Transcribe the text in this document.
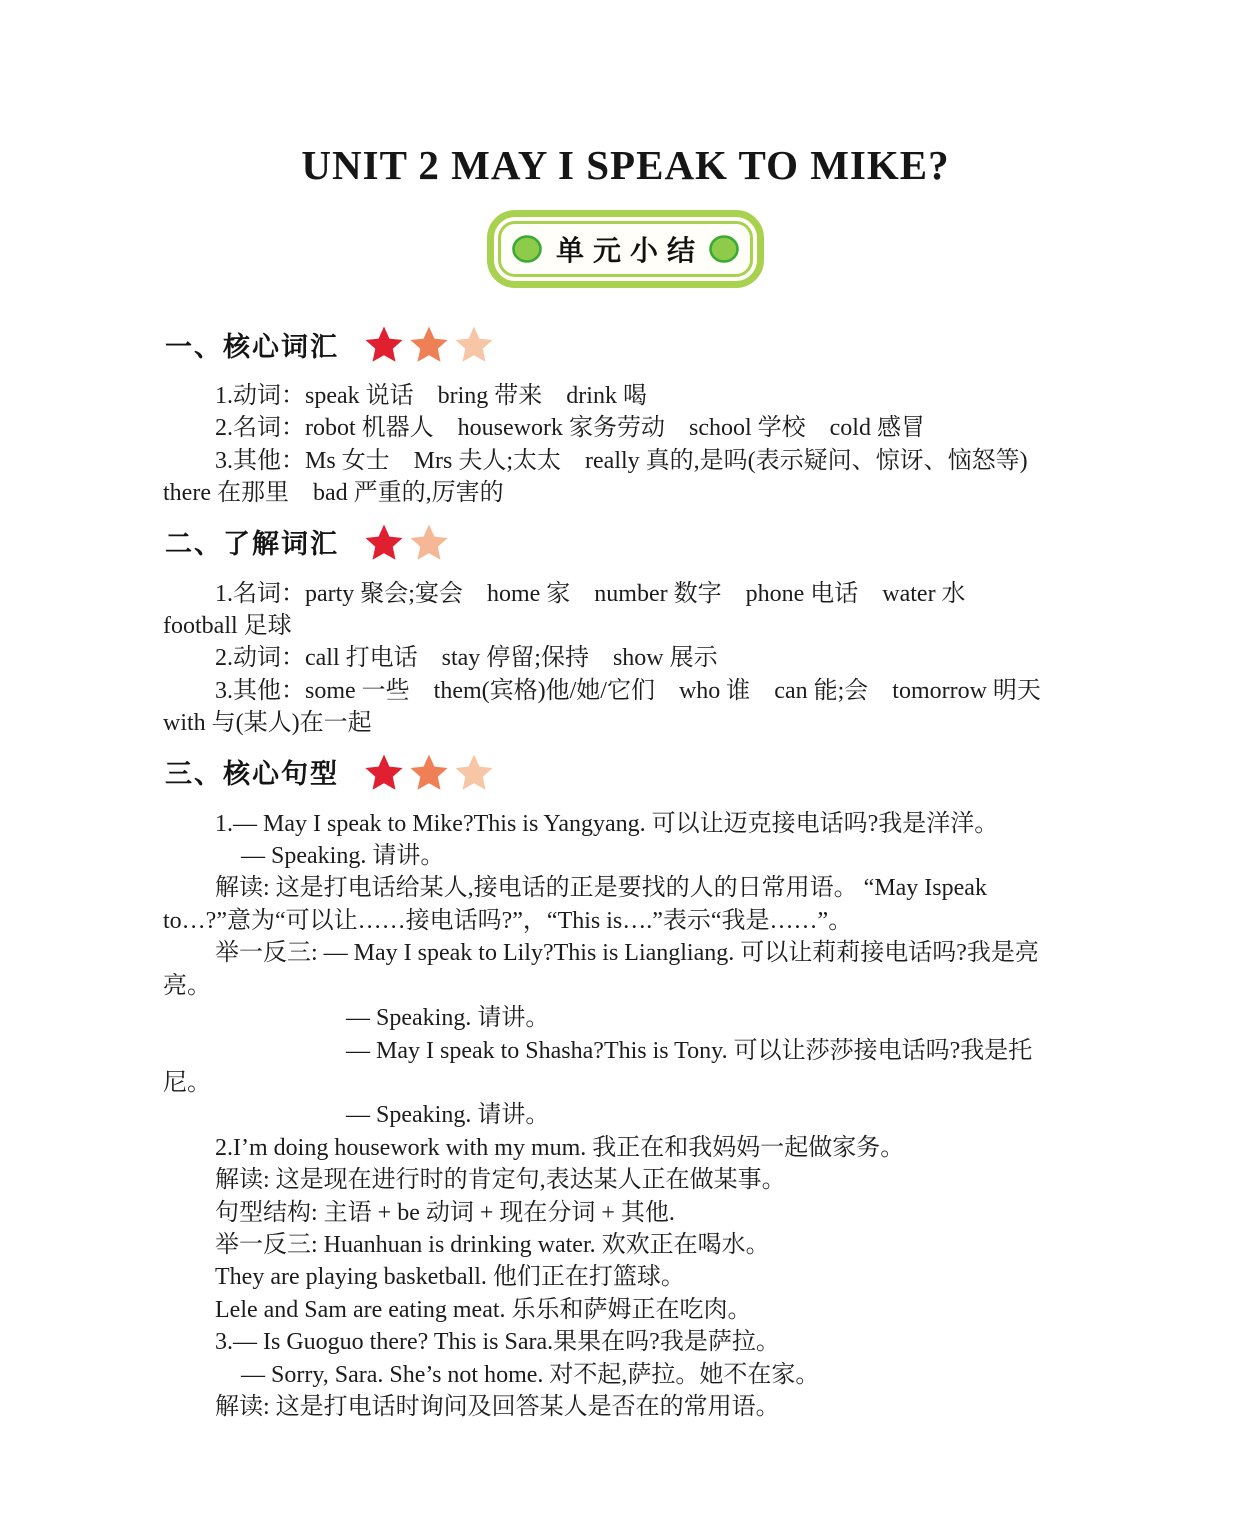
UNIT 2 MAY I SPEAK TO MIKE?
单元小结
一、核心词汇
1.动词：speak 说话　bring 带来　drink 喝
2.名词：robot 机器人　housework 家务劳动　school 学校　cold 感冒
3.其他：Ms 女士　Mrs 夫人;太太　really 真的,是吗(表示疑问、惊讶、恼怒等)
there 在那里　bad 严重的,厉害的
二、了解词汇
1.名词：party 聚会;宴会　home 家　number 数字　phone 电话　water 水
football 足球
2.动词：call 打电话　stay 停留;保持　show 展示
3.其他：some 一些　them(宾格)他/她/它们　who 谁　can 能;会　tomorrow 明天
with 与(某人)在一起
三、核心句型
1.— May I speak to Mike?This is Yangyang. 可以让迈克接电话吗?我是洋洋。
— Speaking. 请讲。
解读: 这是打电话给某人,接电话的正是要找的人的日常用语。 “May Ispeak
to…?”意为“可以让……接电话吗?”，“This is….”表示“我是……”。
举一反三: — May I speak to Lily?This is Liangliang. 可以让莉莉接电话吗?我是亮
亮。
— Speaking. 请讲。
— May I speak to Shasha?This is Tony. 可以让莎莎接电话吗?我是托
尼。
— Speaking. 请讲。
2.I’m doing housework with my mum. 我正在和我妈妈一起做家务。
解读: 这是现在进行时的肯定句,表达某人正在做某事。
句型结构: 主语 + be 动词 + 现在分词 + 其他.
举一反三: Huanhuan is drinking water. 欢欢正在喝水。
They are playing basketball. 他们正在打篮球。
Lele and Sam are eating meat. 乐乐和萨姆正在吃肉。
3.— Is Guoguo there? This is Sara.果果在吗?我是萨拉。
— Sorry, Sara. She’s not home. 对不起,萨拉。她不在家。
解读: 这是打电话时询问及回答某人是否在的常用语。
